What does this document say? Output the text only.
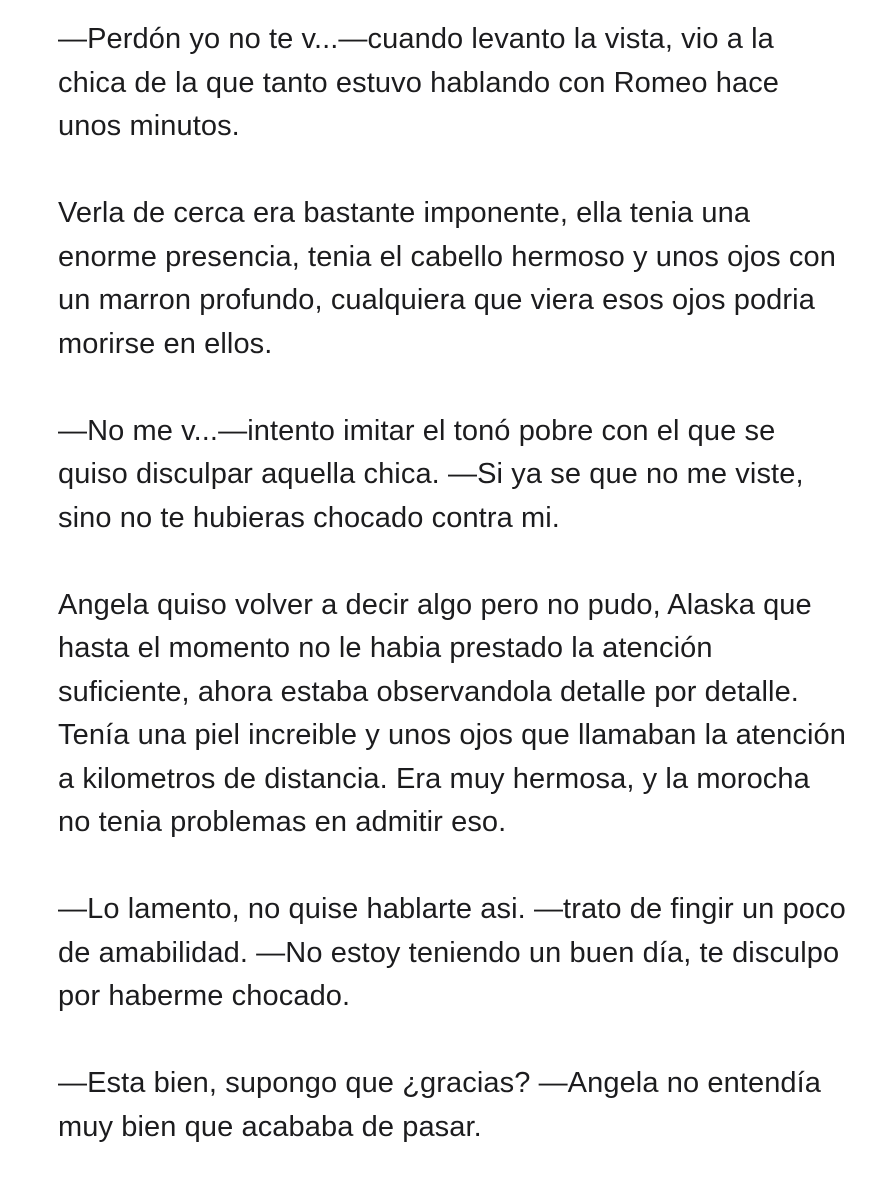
—Perdón yo no te v...—cuando levanto la vista, vio a la chica de la que tanto estuvo hablando con Romeo hace unos minutos.

Verla de cerca era bastante imponente, ella tenia una enorme presencia, tenia el cabello hermoso y unos ojos con un marron profundo, cualquiera que viera esos ojos podria morirse en ellos.

—No me v...—intento imitar el tonó pobre con el que se quiso disculpar aquella chica. —Si ya se que no me viste, sino no te hubieras chocado contra mi.

Angela quiso volver a decir algo pero no pudo, Alaska que hasta el momento no le habia prestado la atención suficiente, ahora estaba observandola detalle por detalle. Tenía una piel increible y unos ojos que llamaban la atención a kilometros de distancia. Era muy hermosa, y la morocha no tenia problemas en admitir eso.

—Lo lamento, no quise hablarte asi. —trato de fingir un poco de amabilidad. —No estoy teniendo un buen día, te disculpo por haberme chocado.

—Esta bien, supongo que ¿gracias? —Angela no entendía muy bien que acababa de pasar.
